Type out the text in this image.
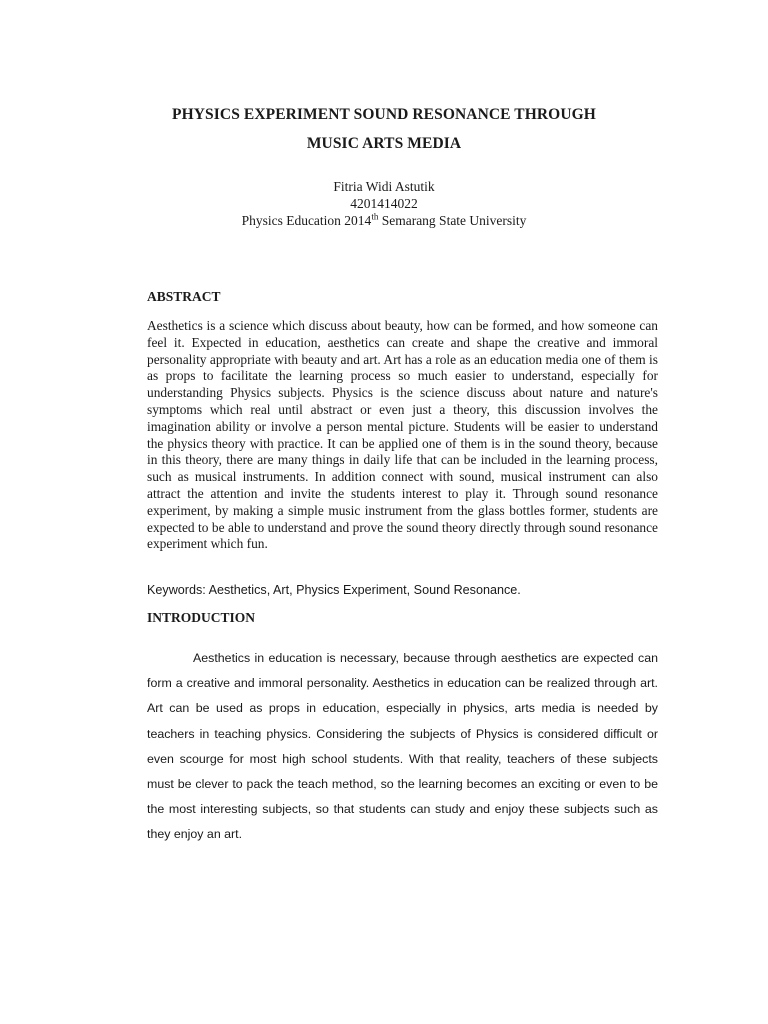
PHYSICS EXPERIMENT SOUND RESONANCE THROUGH
MUSIC ARTS MEDIA
Fitria Widi Astutik
4201414022
Physics Education 2014th Semarang State University
ABSTRACT
Aesthetics is a science which discuss about beauty, how can be formed, and how someone can feel it. Expected in education, aesthetics can create and shape the creative and immoral personality appropriate with beauty and art. Art has a role as an education media one of them is as props to facilitate the learning process so much easier to understand, especially for understanding Physics subjects. Physics is the science discuss about nature and nature's symptoms which real until abstract or even just a theory, this discussion involves the imagination ability or involve a person mental picture. Students will be easier to understand the physics theory with practice. It can be applied one of them is in the sound theory, because in this theory, there are many things in daily life that can be included in the learning process, such as musical instruments. In addition connect with sound, musical instrument can also attract the attention and invite the students interest to play it. Through sound resonance experiment, by making a simple music instrument from the glass bottles former, students are expected to be able to understand and prove the sound theory directly through sound resonance experiment which fun.
Keywords: Aesthetics, Art, Physics Experiment, Sound Resonance.
INTRODUCTION
Aesthetics in education is necessary, because through aesthetics are expected can form a creative and immoral personality. Aesthetics in education can be realized through art. Art can be used as props in education, especially in physics, arts media is needed by teachers in teaching physics. Considering the subjects of Physics is considered difficult or even scourge for most high school students. With that reality, teachers of these subjects must be clever to pack the teach method, so the learning becomes an exciting or even to be the most interesting subjects, so that students can study and enjoy these subjects such as they enjoy an art.
